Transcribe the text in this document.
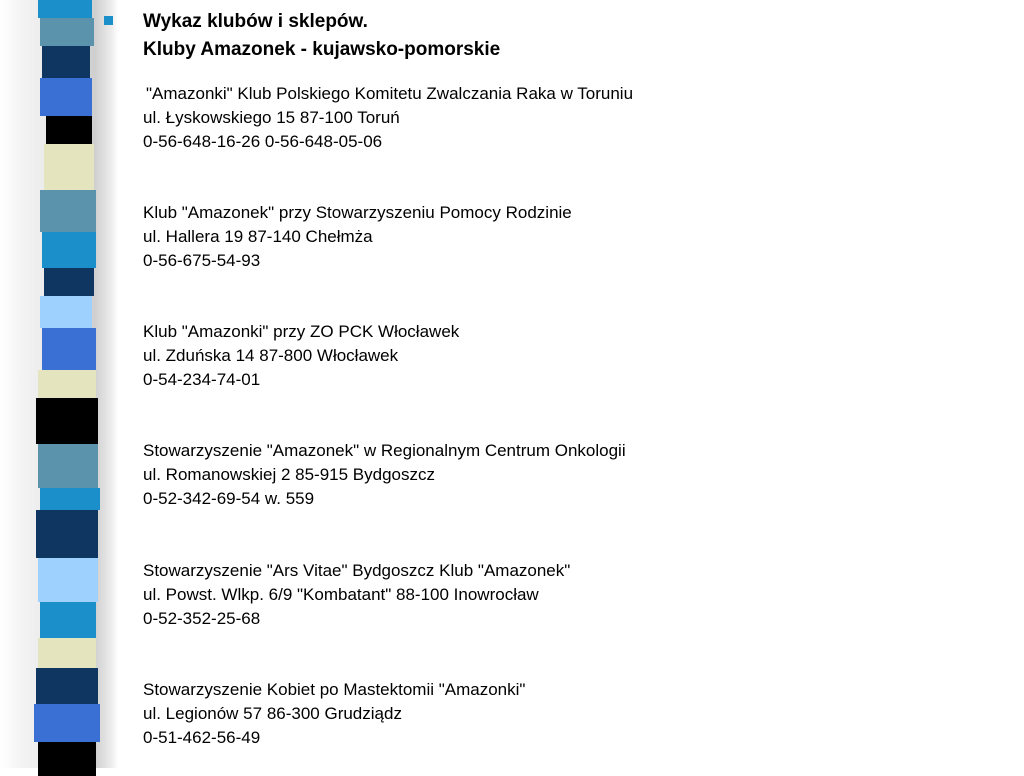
Wykaz klubów i sklepów.
Kluby Amazonek - kujawsko-pomorskie
"Amazonki" Klub Polskiego Komitetu Zwalczania Raka w Toruniu
ul. Łyskowskiego 15 87-100 Toruń
0-56-648-16-26 0-56-648-05-06
Klub "Amazonek" przy Stowarzyszeniu Pomocy Rodzinie
ul. Hallera 19 87-140 Chełmża
0-56-675-54-93
Klub "Amazonki" przy ZO PCK Włocławek
ul. Zduńska 14 87-800 Włocławek
0-54-234-74-01
Stowarzyszenie "Amazonek" w Regionalnym Centrum Onkologii
ul. Romanowskiej 2 85-915 Bydgoszcz
0-52-342-69-54 w. 559
Stowarzyszenie "Ars Vitae" Bydgoszcz Klub "Amazonek"
ul. Powst. Wlkp. 6/9 "Kombatant" 88-100 Inowrocław
0-52-352-25-68
Stowarzyszenie Kobiet po Mastektomii "Amazonki"
ul. Legionów 57 86-300 Grudziądz
0-51-462-56-49
